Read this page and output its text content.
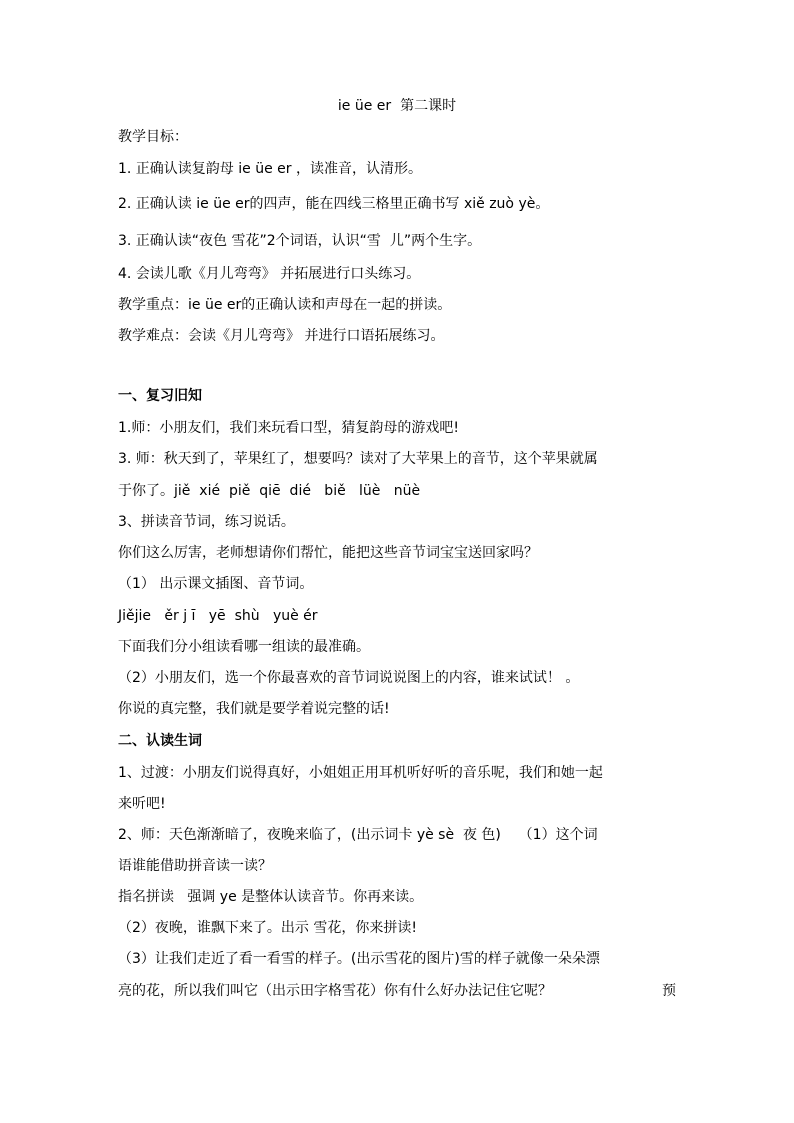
ie üe er  第二课时
教学目标：
1. 正确认读复韵母 ie üe er ，读准音，认清形。
2. 正确认读 ie üe er的四声，能在四线三格里正确书写 xiě zuò yè。
3. 正确认读“夜色 雪花”2个词语，认识“雪  儿”两个生字。
4. 会读儿歌《月儿弯弯》 并拓展进行口头练习。
教学重点：ie üe er的正确认读和声母在一起的拼读。
教学难点：会读《月儿弯弯》 并进行口语拓展练习。
一、复习旧知
1.师：小朋友们，我们来玩看口型，猜复韵母的游戏吧!
3. 师：秋天到了，苹果红了，想要吗？读对了大苹果上的音节，这个苹果就属
于你了。jiě  xié  piě  qiē  dié   biě   lüè   nüè
3、拼读音节词，练习说话。
你们这么厉害，老师想请你们帮忙，能把这些音节词宝宝送回家吗？
（1） 出示课文插图、音节词。
Jiějie   ěr j ī   yē  shù   yuè ér
下面我们分小组读看哪一组读的最准确。
（2）小朋友们，选一个你最喜欢的音节词说说图上的内容，谁来试试！ 。
你说的真完整，我们就是要学着说完整的话!
二、认读生词
1、过渡：小朋友们说得真好，小姐姐正用耳机听好听的音乐呢，我们和她一起
来听吧!
2、师：天色渐渐暗了，夜晚来临了，(出示词卡 yè sè  夜 色)    （1）这个词
语谁能借助拼音读一读？
指名拼读   强调 ye 是整体认读音节。你再来读。
（2）夜晚，谁飘下来了。出示 雪花，你来拼读!
（3）让我们走近了看一看雪的样子。(出示雪花的图片)雪的样子就像一朵朵漂
亮的花，所以我们叫它（出示田字格雪花）你有什么好办法记住它呢？	预
